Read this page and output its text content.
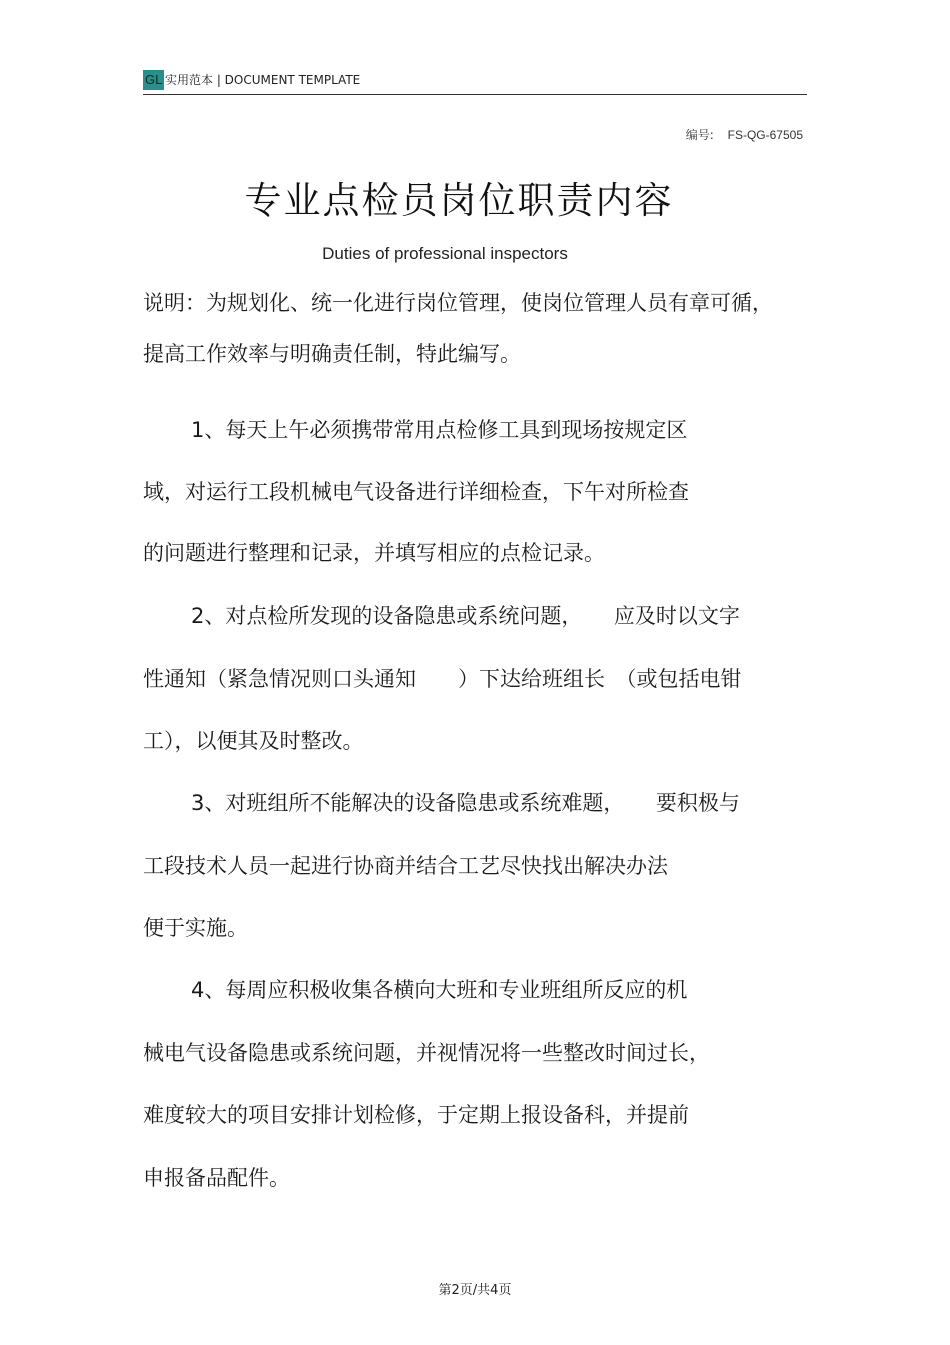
GL 实用范本 | DOCUMENT TEMPLATE
编号: FS-QG-67505
专业点检员岗位职责内容
Duties of professional inspectors
说明：为规划化、统一化进行岗位管理，使岗位管理人员有章可循，
提高工作效率与明确责任制，特此编写。
1、每天上午必须携带常用点检修工具到现场按规定区
域，对运行工段机械电气设备进行详细检查，下午对所检查
的问题进行整理和记录，并填写相应的点检记录。
2、对点检所发现的设备隐患或系统问题，　　应及时以文字
性通知（紧急情况则口头通知　　）下达给班组长　（或包括电钳
工），以便其及时整改。
3、对班组所不能解决的设备隐患或系统难题，　　要积极与
工段技术人员一起进行协商并结合工艺尽快找出解决办法
便于实施。
4、每周应积极收集各横向大班和专业班组所反应的机
械电气设备隐患或系统问题，并视情况将一些整改时间过长，
难度较大的项目安排计划检修，于定期上报设备科，并提前
申报备品配件。
第2页/共4页
